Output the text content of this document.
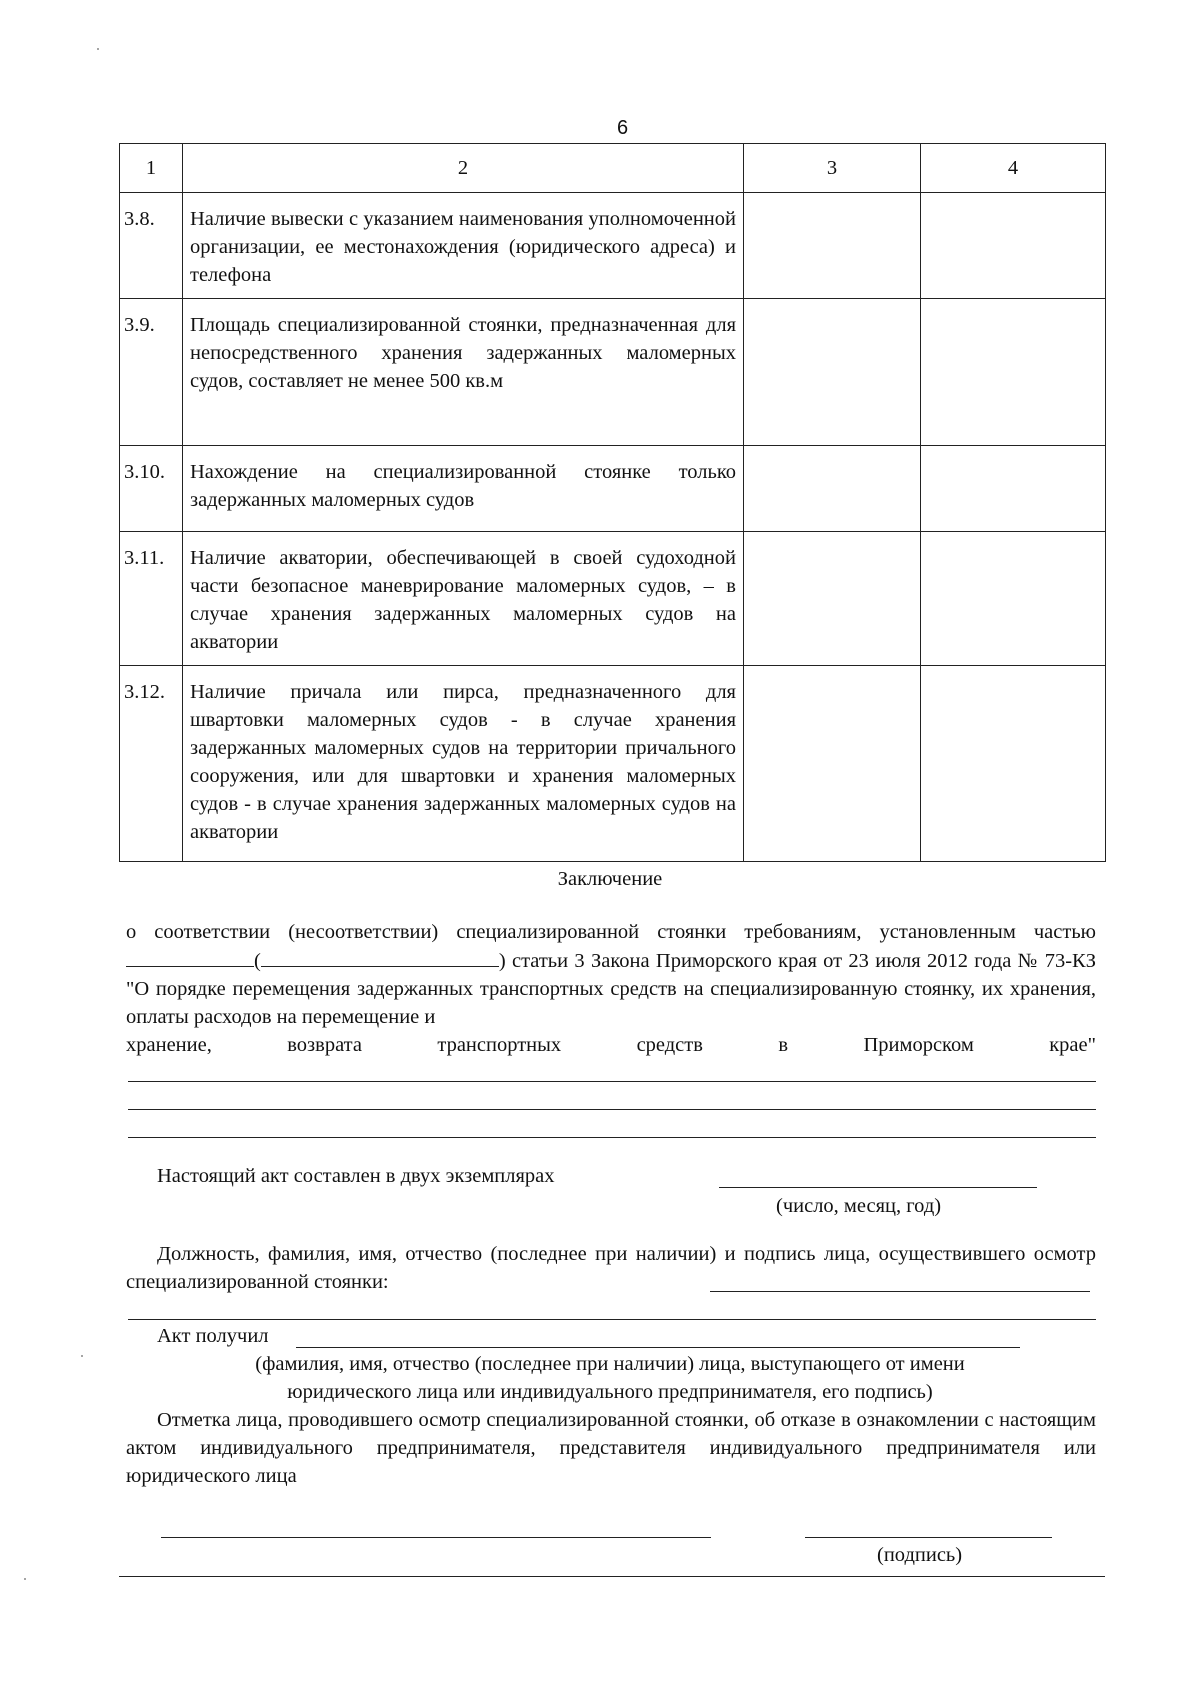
6
1	2	3	4
3.8.	Наличие вывески с указанием наименования уполномоченной организации, ее местонахождения (юридического адреса) и телефона		
3.9.	Площадь специализированной стоянки, предназначенная для непосредственного хранения задержанных маломерных судов, составляет не менее 500 кв.м		
3.10.	Нахождение на специализированной стоянке только задержанных маломерных судов		
3.11.	Наличие акватории, обеспечивающей в своей судоходной части безопасное маневрирование маломерных судов, – в случае хранения задержанных маломерных судов на акватории		
3.12.	Наличие причала или пирса, предназначенного для швартовки маломерных судов - в случае хранения задержанных маломерных судов на территории причального сооружения, или для швартовки и хранения маломерных судов - в случае хранения задержанных маломерных судов на акватории		
Заключение

о соответствии (несоответствии) специализированной стоянки требованиям, установленным частью (	) статьи 3 Закона Приморского края от 23 июля 2012 года № 73-КЗ "О порядке перемещения задержанных транспортных средств на специализированную стоянку, их хранения, оплаты расходов на перемещение и
хранение, возврата транспортных средств в Приморском крае"

Настоящий акт составлен в двух экземплярах
(число, месяц, год)

Должность, фамилия, имя, отчество (последнее при наличии) и подпись лица, осуществившего осмотр специализированной стоянки:

Акт получил
(фамилия, имя, отчество (последнее при наличии) лица, выступающего от имени
юридического лица или индивидуального предпринимателя, его подпись)

Отметка лица, проводившего осмотр специализированной стоянки, об отказе в ознакомлении с настоящим актом индивидуального предпринимателя, представителя индивидуального предпринимателя или юридического лица

(подпись)
